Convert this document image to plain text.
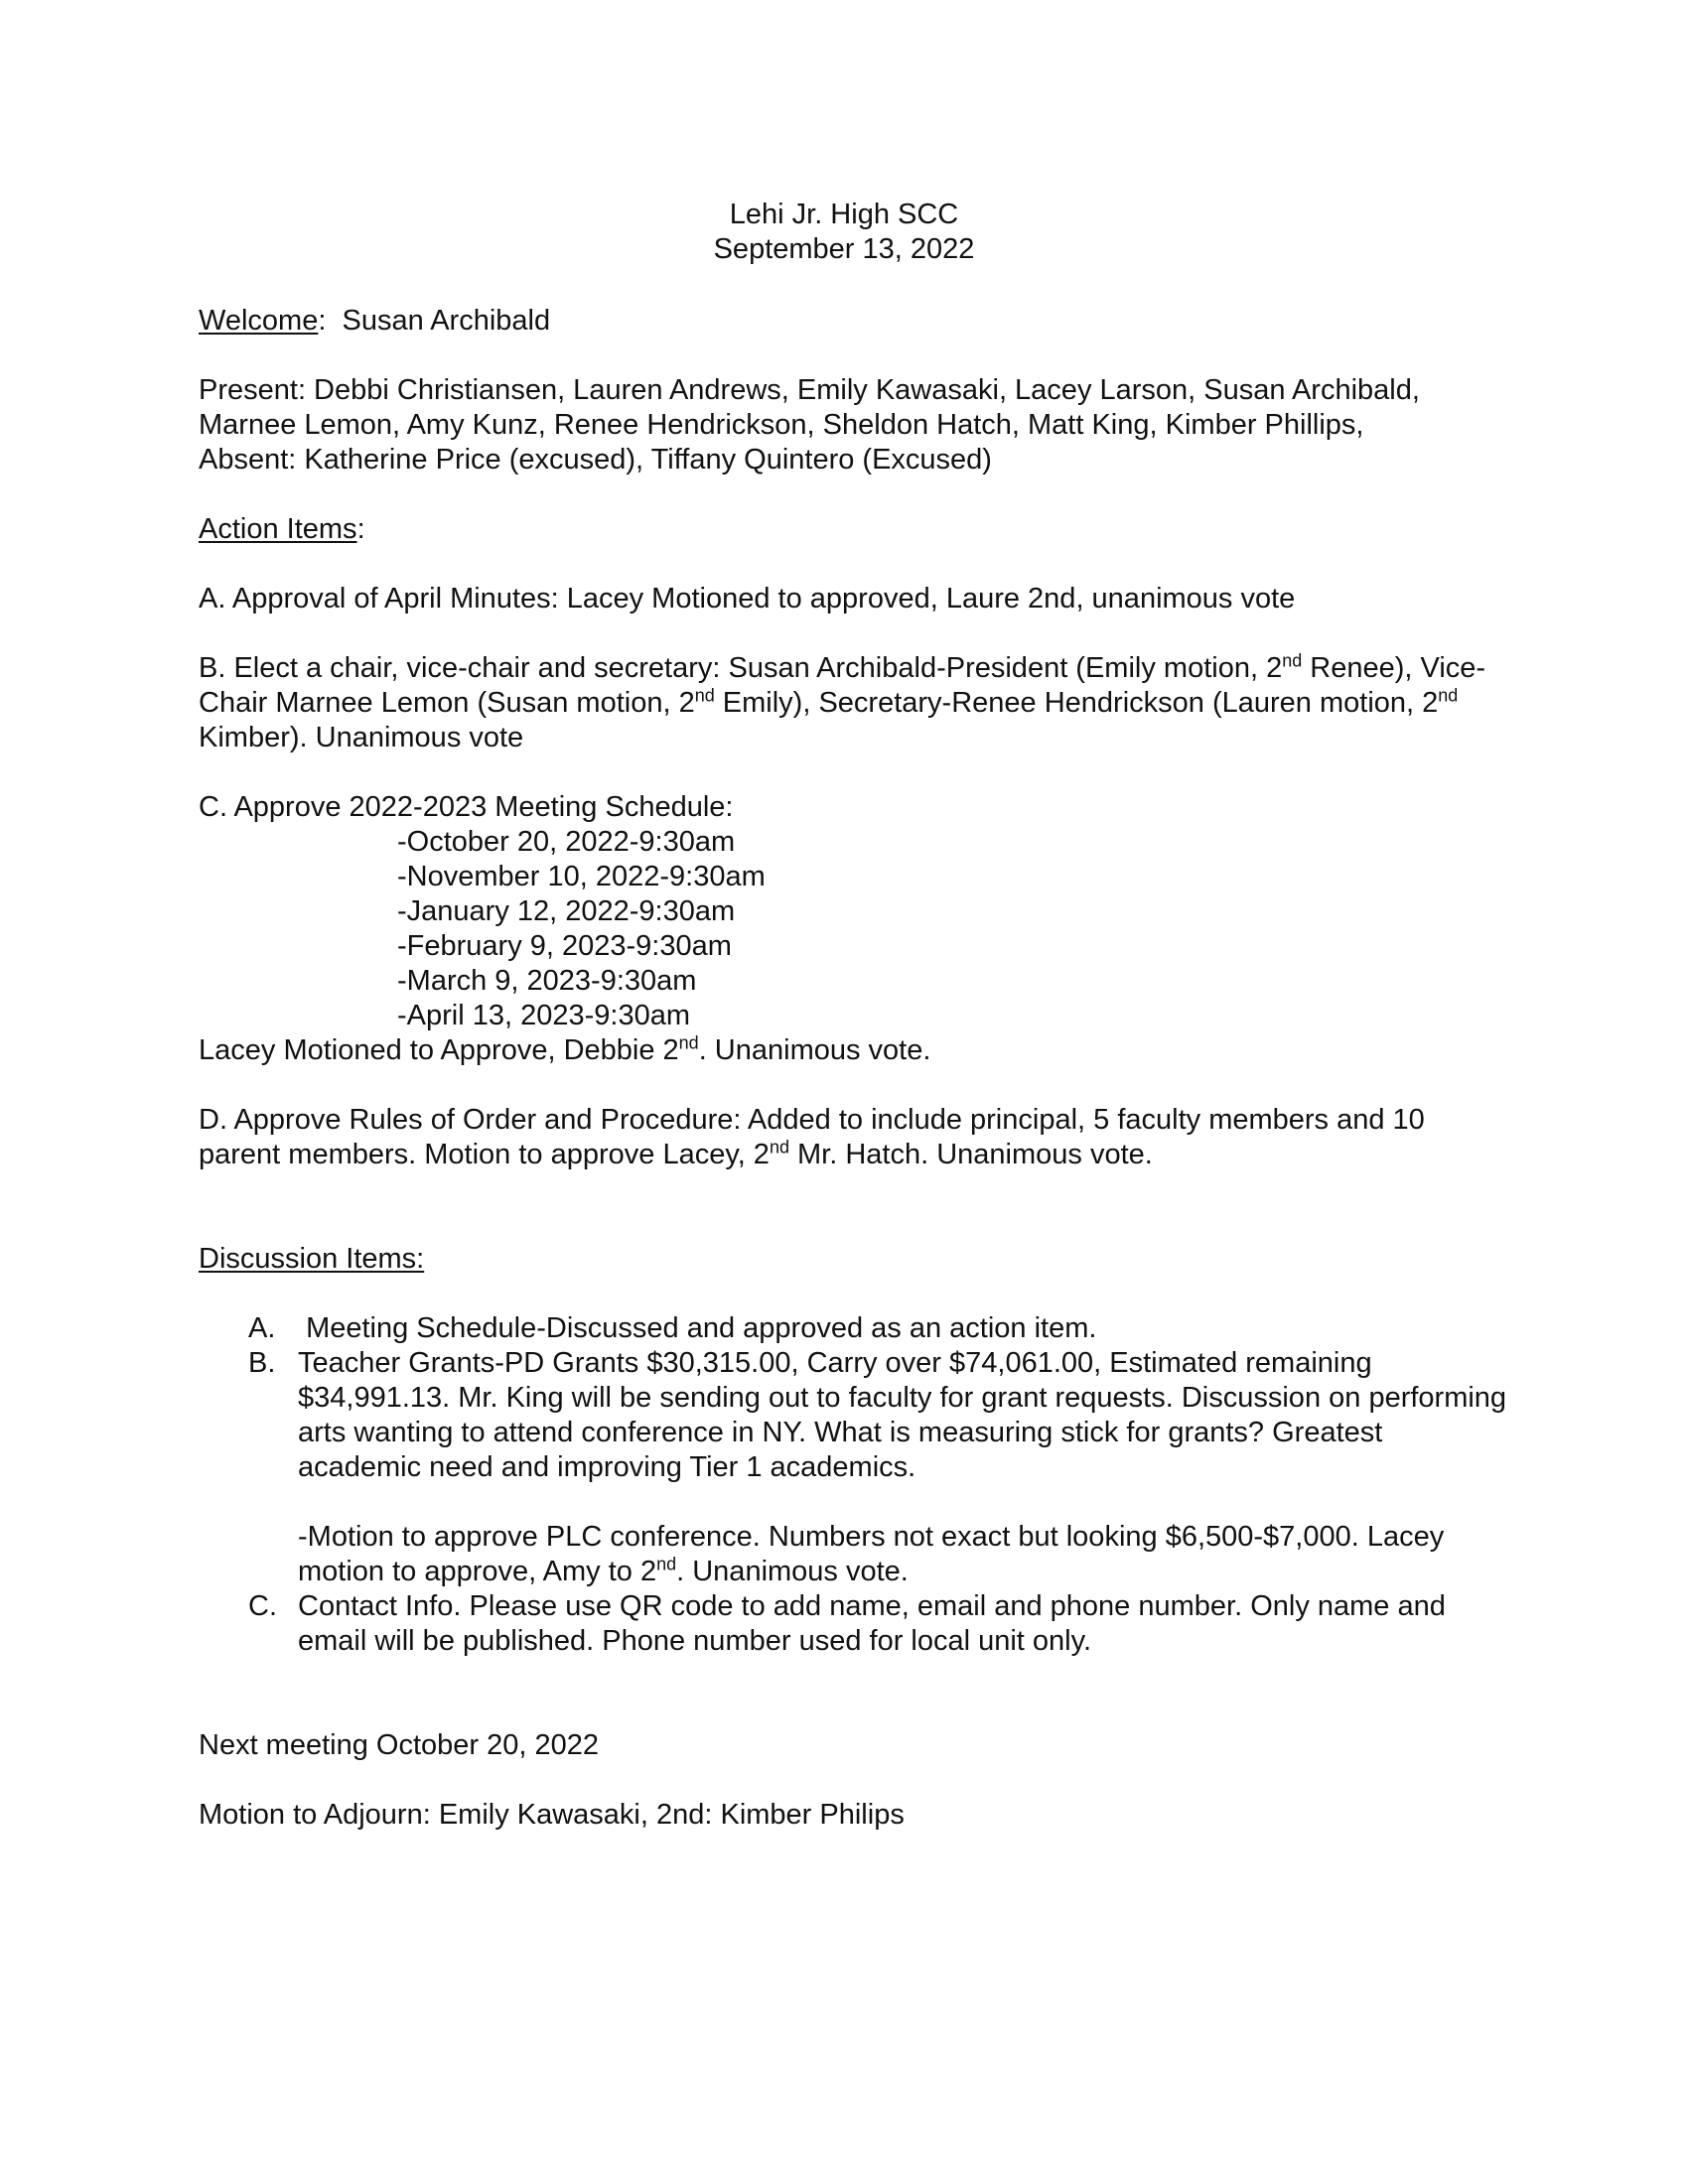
Lehi Jr. High SCC
September 13, 2022

Welcome:  Susan Archibald

Present: Debbi Christiansen, Lauren Andrews, Emily Kawasaki, Lacey Larson, Susan Archibald, Marnee Lemon, Amy Kunz, Renee Hendrickson, Sheldon Hatch, Matt King, Kimber Phillips,

Absent: Katherine Price (excused), Tiffany Quintero (Excused)

Action Items:

A. Approval of April Minutes: Lacey Motioned to approved, Laure 2nd, unanimous vote

B. Elect a chair, vice-chair and secretary: Susan Archibald-President (Emily motion, 2nd Renee), Vice-Chair Marnee Lemon (Susan motion, 2nd Emily), Secretary-Renee Hendrickson (Lauren motion, 2nd Kimber). Unanimous vote

C. Approve 2022-2023 Meeting Schedule:

-October 20, 2022-9:30am

-November 10, 2022-9:30am

-January 12, 2022-9:30am

-February 9, 2023-9:30am

-March 9, 2023-9:30am

-April 13, 2023-9:30am

Lacey Motioned to Approve, Debbie 2nd. Unanimous vote.

D. Approve Rules of Order and Procedure: Added to include principal, 5 faculty members and 10 parent members. Motion to approve Lacey, 2nd Mr. Hatch. Unanimous vote.

Discussion Items:

A. Meeting Schedule-Discussed and approved as an action item.

B. Teacher Grants-PD Grants $30,315.00, Carry over $74,061.00, Estimated remaining $34,991.13. Mr. King will be sending out to faculty for grant requests. Discussion on performing arts wanting to attend conference in NY. What is measuring stick for grants? Greatest academic need and improving Tier 1 academics.

-Motion to approve PLC conference. Numbers not exact but looking $6,500-$7,000. Lacey motion to approve, Amy to 2nd. Unanimous vote.

C. Contact Info. Please use QR code to add name, email and phone number. Only name and email will be published. Phone number used for local unit only.

Next meeting October 20, 2022

Motion to Adjourn: Emily Kawasaki, 2nd: Kimber Philips
